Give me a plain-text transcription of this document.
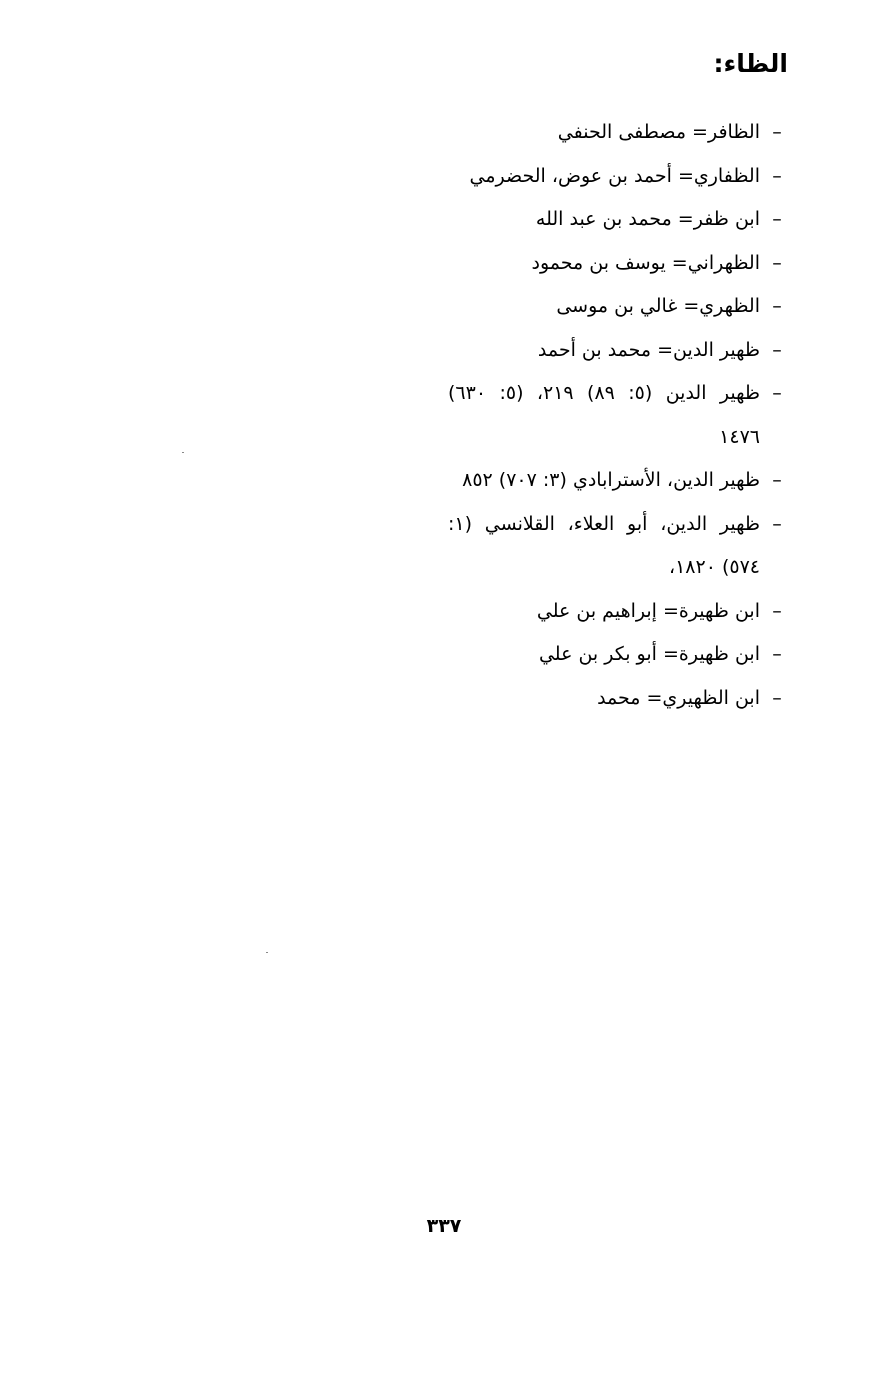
الظاء:
–
الظافر= مصطفى الحنفي
–
الظفاري= أحمد بن عوض، الحضرمي
–
ابن ظفر= محمد بن عبد الله
–
الظهراني= يوسف بن محمود
–
الظهري= غالي بن موسى
–
ظهير الدين= محمد بن أحمد
–
ظهير الدين (٥: ٨٩) ٢١٩، (٥: ٦٣٠) ١٤٧٦
–
ظهير الدين، الأسترابادي (٣: ٧٠٧) ٨٥٢
–
ظهير الدين، أبو العلاء، القلانسي (١: ٥٧٤) ١٨٢٠،
–
ابن ظهيرة= إبراهيم بن علي
–
ابن ظهيرة= أبو بكر بن علي
–
ابن الظهيري= محمد
٣٣٧
